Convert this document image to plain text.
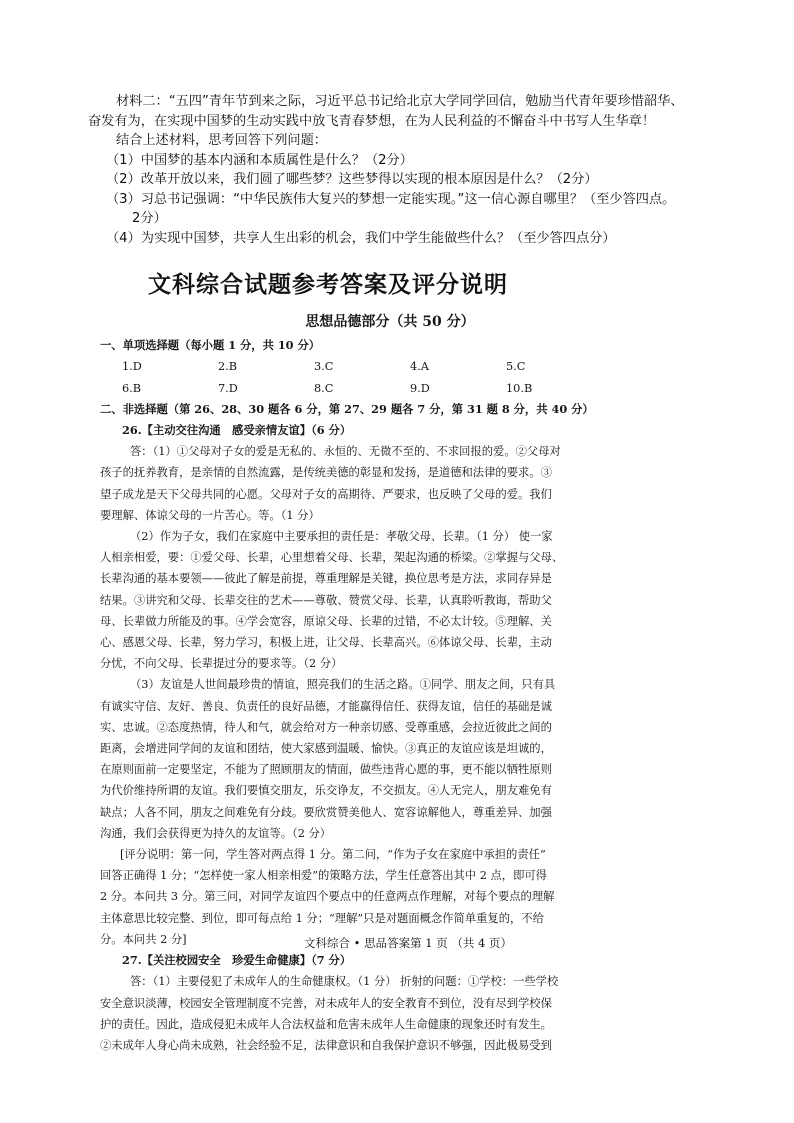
材料二：“五四”青年节到来之际，习近平总书记给北京大学同学回信，勉励当代青年要珍惜韶华、

奋发有为，在实现中国梦的生动实践中放飞青春梦想，在为人民利益的不懈奋斗中书写人生华章！

结合上述材料，思考回答下列问题：

（1）中国梦的基本内涵和本质属性是什么？（2分）

（2）改革开放以来，我们圆了哪些梦？这些梦得以实现的根本原因是什么？（2分）

（3）习总书记强调：“中华民族伟大复兴的梦想一定能实现。”这一信心源自哪里？（至少答四点。

2分）

（4）为实现中国梦，共享人生出彩的机会，我们中学生能做些什么？（至少答四点分）

文科综合试题参考答案及评分说明

思想品德部分（共 50 分）

一、单项选择题（每小题 1 分，共 10 分）

1.D	2.B	3.C	4.A	5.C
6.B	7.D	8.C	9.D	10.B

二、非选择题（第 26、28、30 题各 6 分，第 27、29 题各 7 分，第 31 题 8 分，共 40 分）

26.【主动交往沟通　感受亲情友谊】（6 分）

答：（1）①父母对子女的爱是无私的、永恒的、无微不至的、不求回报的爱。②父母对

孩子的抚养教育，是亲情的自然流露，是传统美德的彰显和发扬，是道德和法律的要求。③

望子成龙是天下父母共同的心愿。父母对子女的高期待、严要求，也反映了父母的爱。我们

要理解、体谅父母的一片苦心。等。（1 分）

（2）作为子女，我们在家庭中主要承担的责任是：孝敬父母、长辈。（1 分） 使一家

人相亲相爱，要：①爱父母、长辈，心里想着父母、长辈，架起沟通的桥梁。②掌握与父母、

长辈沟通的基本要领——彼此了解是前提，尊重理解是关键，换位思考是方法，求同存异是

结果。③讲究和父母、长辈交往的艺术——尊敬、赞赏父母、长辈，认真聆听教诲，帮助父

母、长辈做力所能及的事。④学会宽容，原谅父母、长辈的过错，不必太计较。⑤理解、关

心、感恩父母、长辈，努力学习，积极上进，让父母、长辈高兴。⑥体谅父母、长辈，主动

分忧，不向父母、长辈提过分的要求等。（2 分）

（3）友谊是人世间最珍贵的情谊，照亮我们的生活之路。①同学、朋友之间，只有具

有诚实守信、友好、善良、负责任的良好品德，才能赢得信任、获得友谊，信任的基础是诚

实、忠诚。②态度热情，待人和气，就会给对方一种亲切感、受尊重感，会拉近彼此之间的

距离，会增进同学间的友谊和团结，使大家感到温暖、愉快。③真正的友谊应该是坦诚的，

在原则面前一定要坚定，不能为了照顾朋友的情面，做些违背心愿的事，更不能以牺牲原则

为代价维持所谓的友谊。我们要慎交朋友，乐交诤友，不交损友。④人无完人，朋友难免有

缺点；人各不同，朋友之间难免有分歧。要欣赏赞美他人、宽容谅解他人，尊重差异、加强

沟通，我们会获得更为持久的友谊等。（2 分）

[评分说明：第一问，学生答对两点得 1 分。第二问，“作为子女在家庭中承担的责任”

回答正确得 1 分；“怎样使一家人相亲相爱”的策略方法，学生任意答出其中 2 点，即可得

2 分。本问共 3 分。第三问，对同学友谊四个要点中的任意两点作理解，对每个要点的理解

主体意思比较完整、到位，即可每点给 1 分；“理解”只是对题面概念作简单重复的，不给

分。本问共 2 分]

27.【关注校园安全　珍爱生命健康】（7 分）

答：（1）主要侵犯了未成年人的生命健康权。（1 分） 折射的问题：①学校：一些学校

安全意识淡薄，校园安全管理制度不完善，对未成年人的安全教育不到位，没有尽到学校保

护的责任。因此，造成侵犯未成年人合法权益和危害未成年人生命健康的现象还时有发生。

②未成年人身心尚未成熟，社会经验不足，法律意识和自我保护意识不够强，因此极易受到

文科综合 • 思品答案第 1 页 （共 4 页）
